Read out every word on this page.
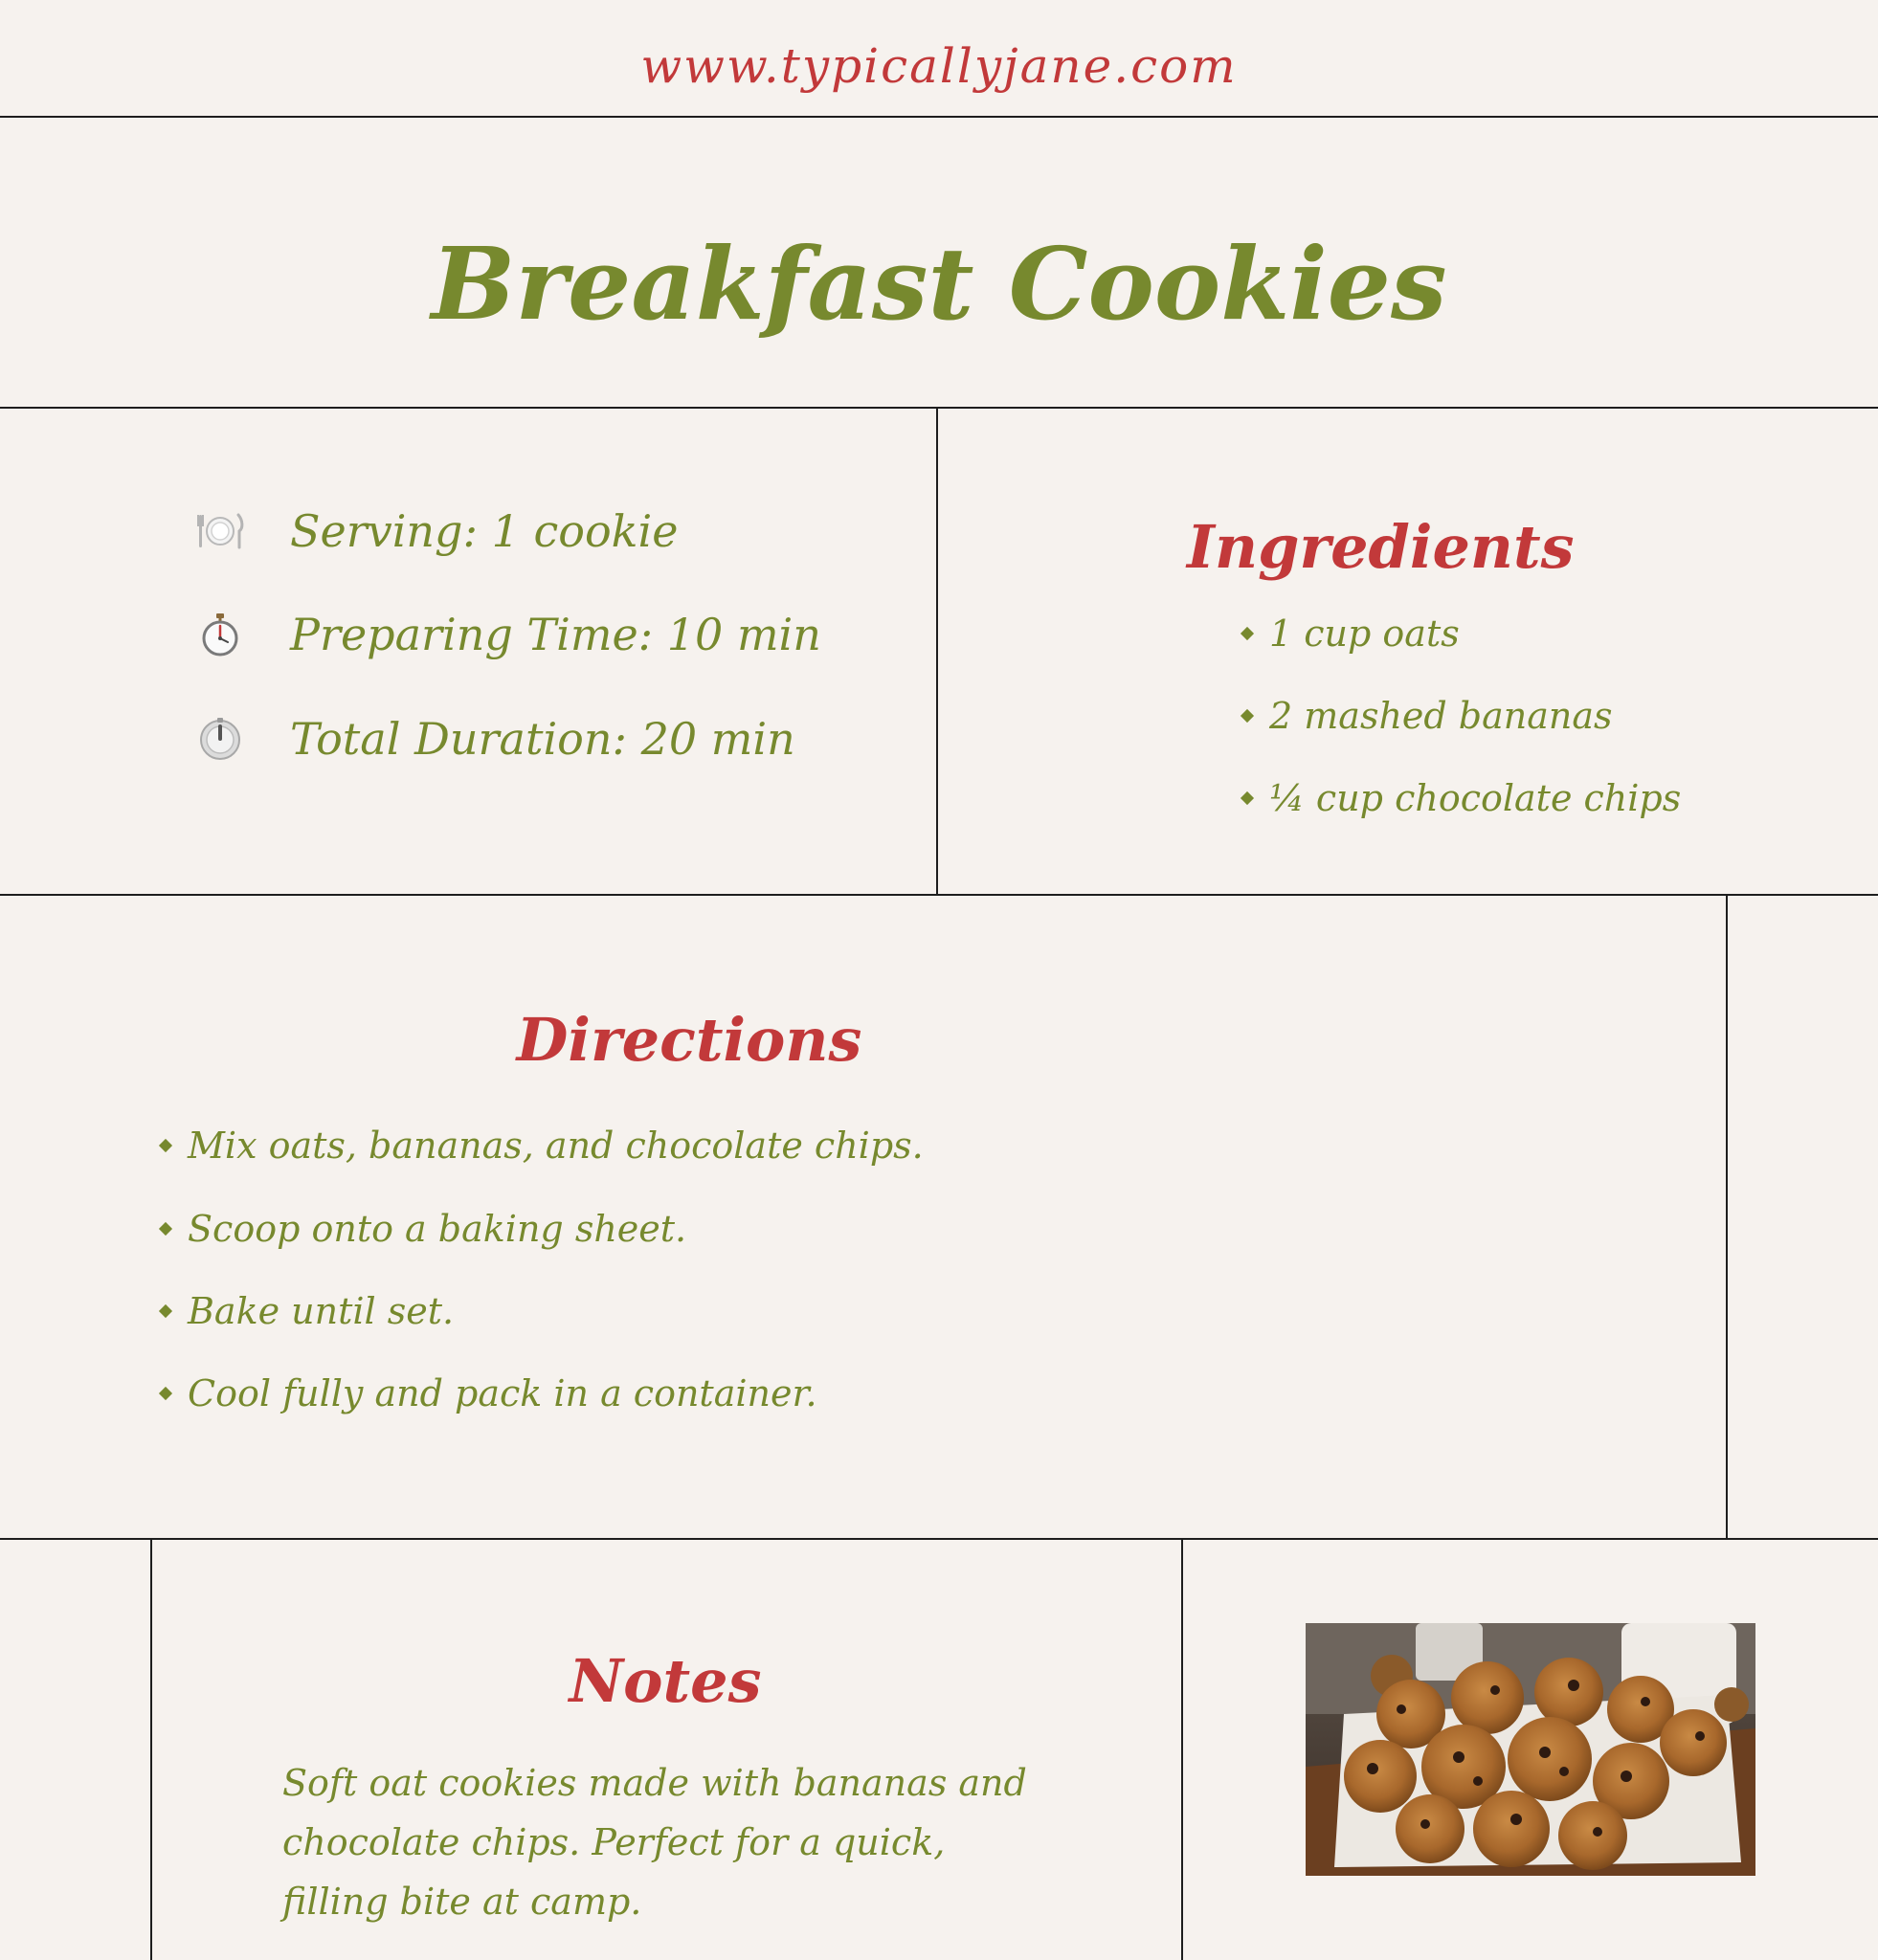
www.typicallyjane.com
Breakfast Cookies
Serving: 1 cookie
Preparing Time: 10 min
Total Duration: 20 min
Ingredients
1 cup oats
2 mashed bananas
¼ cup chocolate chips
Directions
Mix oats, bananas, and chocolate chips.
Scoop onto a baking sheet.
Bake until set.
Cool fully and pack in a container.
Notes
Soft oat cookies made with bananas and chocolate chips. Perfect for a quick, filling bite at camp.
